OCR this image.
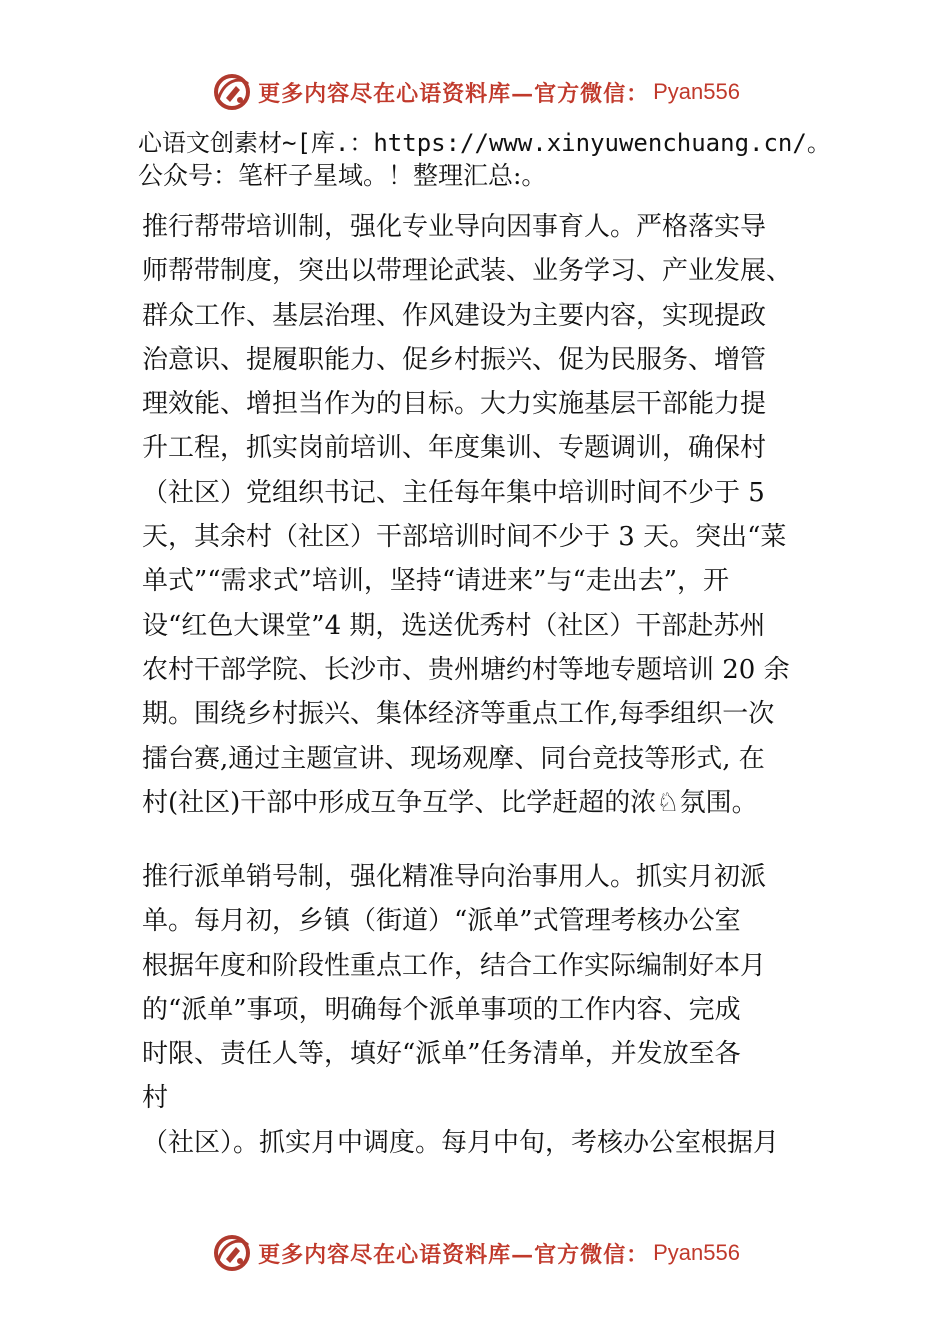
更多内容尽在心语资料库—官方微信： Pyan556
心语文创素材~[库.：https://www.xinyuwenchuang.cn/。
公众号：笔杆子星域。！整理汇总:。
推行帮带培训制，强化专业导向因事育人。严格落实导
师帮带制度，突出以带理论武装、业务学习、产业发展、
群众工作、基层治理、作风建设为主要内容，实现提政
治意识、提履职能力、促乡村振兴、促为民服务、增管
理效能、增担当作为的目标。大力实施基层干部能力提
升工程，抓实岗前培训、年度集训、专题调训，确保村
（社区）党组织书记、主任每年集中培训时间不少于 5
天，其余村（社区）干部培训时间不少于 3 天。突出“菜
单式”“需求式”培训，坚持“请进来”与“走出去”，开
设“红色大课堂”4 期，选送优秀村（社区）干部赴苏州
农村干部学院、长沙市、贵州塘约村等地专题培训 20 余
期。围绕乡村振兴、集体经济等重点工作,每季组织一次
擂台赛,通过主题宣讲、现场观摩、同台竞技等形式, 在
村(社区)干部中形成互争互学、比学赶超的浓♘氛围。
推行派单销号制，强化精准导向治事用人。抓实月初派
单。每月初，乡镇（街道）“派单”式管理考核办公室
根据年度和阶段性重点工作，结合工作实际编制好本月
的“派单”事项，明确每个派单事项的工作内容、完成
时限、责任人等，填好“派单”任务清单，并发放至各
村
（社区）。抓实月中调度。每月中旬，考核办公室根据月
更多内容尽在心语资料库—官方微信： Pyan556
